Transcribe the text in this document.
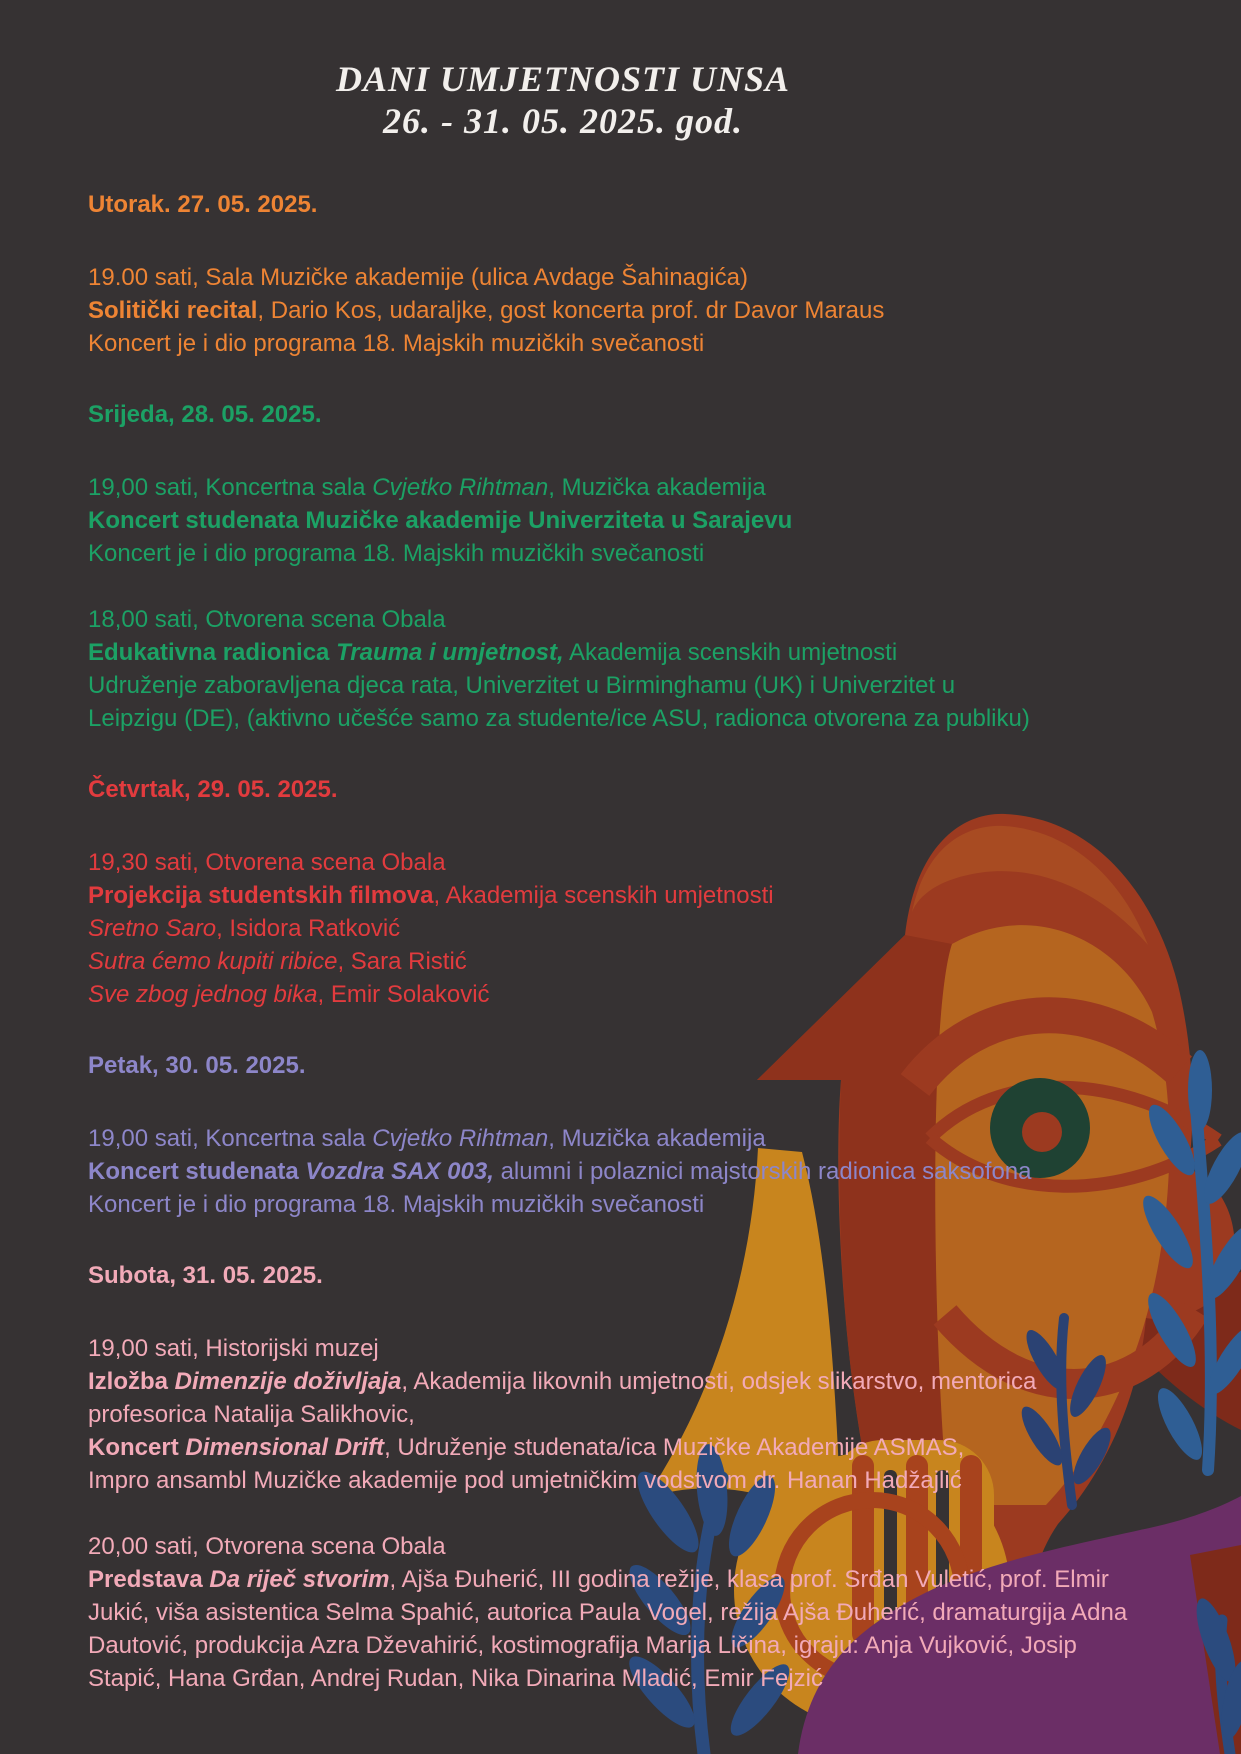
DANI UMJETNOSTI UNSA
26. - 31. 05. 2025. god.
Utorak. 27. 05. 2025.
19.00 sati, Sala Muzičke akademije (ulica Avdage Šahinagića)
Solitički recital, Dario Kos, udaraljke, gost koncerta prof. dr Davor Maraus
Koncert je i dio programa 18. Majskih muzičkih svečanosti
Srijeda, 28. 05. 2025.
19,00 sati, Koncertna sala Cvjetko Rihtman, Muzička akademija
Koncert studenata Muzičke akademije Univerziteta u Sarajevu
Koncert je i dio programa 18. Majskih muzičkih svečanosti
18,00 sati, Otvorena scena Obala
Edukativna radionica Trauma i umjetnost, Akademija scenskih umjetnosti
Udruženje zaboravljena djeca rata, Univerzitet u Birminghamu (UK) i Univerzitet u
Leipzigu (DE), (aktivno učešće samo za studente/ice ASU, radionca otvorena za publiku)
Četvrtak, 29. 05. 2025.
19,30 sati, Otvorena scena Obala
Projekcija studentskih filmova, Akademija scenskih umjetnosti
Sretno Saro, Isidora Ratković
Sutra ćemo kupiti ribice, Sara Ristić
Sve zbog jednog bika, Emir Solaković
Petak, 30. 05. 2025.
19,00 sati, Koncertna sala Cvjetko Rihtman, Muzička akademija
Koncert studenata Vozdra SAX 003, alumni i polaznici majstorskih radionica saksofona
Koncert je i dio programa 18. Majskih muzičkih svečanosti
Subota, 31. 05. 2025.
19,00 sati, Historijski muzej
Izložba Dimenzije doživljaja, Akademija likovnih umjetnosti, odsjek slikarstvo, mentorica
profesorica Natalija Salikhovic,
Koncert Dimensional Drift, Udruženje studenata/ica Muzičke Akademije ASMAS,
Impro ansambl Muzičke akademije pod umjetničkim vodstvom dr. Hanan Hadžajlić
20,00 sati, Otvorena scena Obala
Predstava Da riječ stvorim, Ajša Đuherić, III godina režije, klasa prof. Srđan Vuletić, prof. Elmir
Jukić, viša asistentica Selma Spahić, autorica Paula Vogel, režija Ajša Đuherić, dramaturgija Adna
Dautović, produkcija Azra Dževahirić, kostimografija Marija Ličina, igraju: Anja Vujković, Josip
Stapić, Hana Grđan, Andrej Rudan, Nika Dinarina Mladić, Emir Fejzić
